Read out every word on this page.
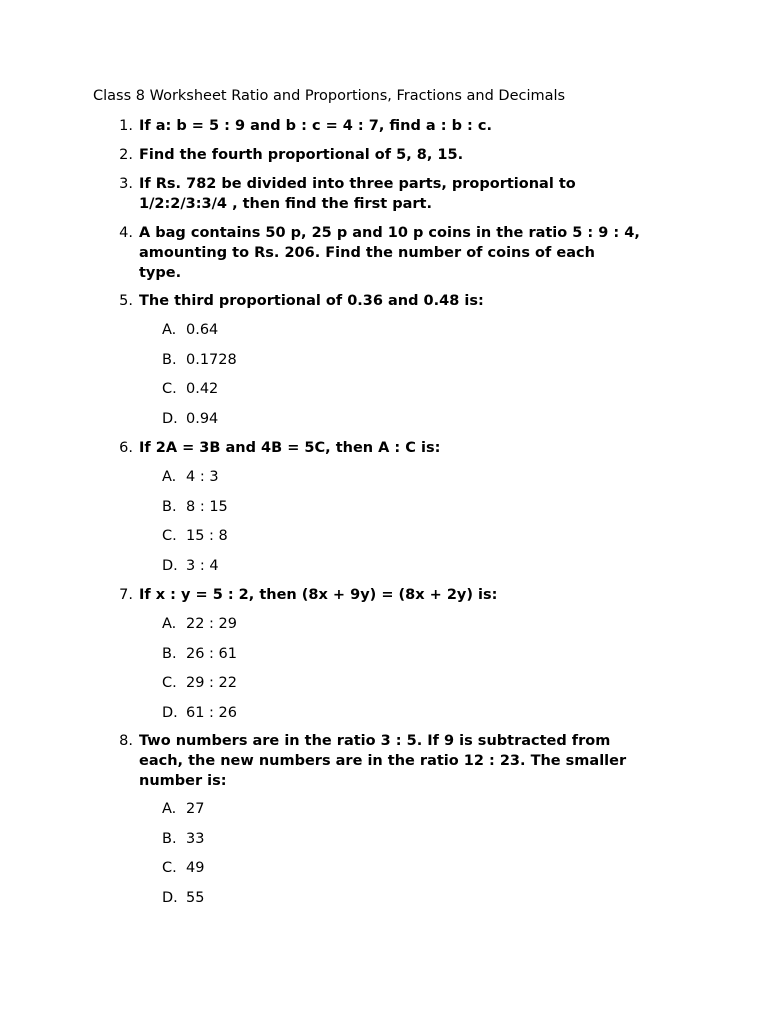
Class 8 Worksheet Ratio and Proportions, Fractions and Decimals
1. If a: b = 5 : 9 and b : c = 4 : 7, find a : b : c.
2. Find the fourth proportional of 5, 8, 15.
3. If Rs. 782 be divided into three parts, proportional to
1/2:2/3:3/4 , then find the first part.
4. A bag contains 50 p, 25 p and 10 p coins in the ratio 5 : 9 : 4,
amounting to Rs. 206. Find the number of coins of each
type.
5. The third proportional of 0.36 and 0.48 is:
A. 0.64
B. 0.1728
C. 0.42
D. 0.94
6. If 2A = 3B and 4B = 5C, then A : C is:
A. 4 : 3
B. 8 : 15
C. 15 : 8
D. 3 : 4
7. If x : y = 5 : 2, then (8x + 9y) = (8x + 2y) is:
A. 22 : 29
B. 26 : 61
C. 29 : 22
D. 61 : 26
8. Two numbers are in the ratio 3 : 5. If 9 is subtracted from
each, the new numbers are in the ratio 12 : 23. The smaller
number is:
A. 27
B. 33
C. 49
D. 55
